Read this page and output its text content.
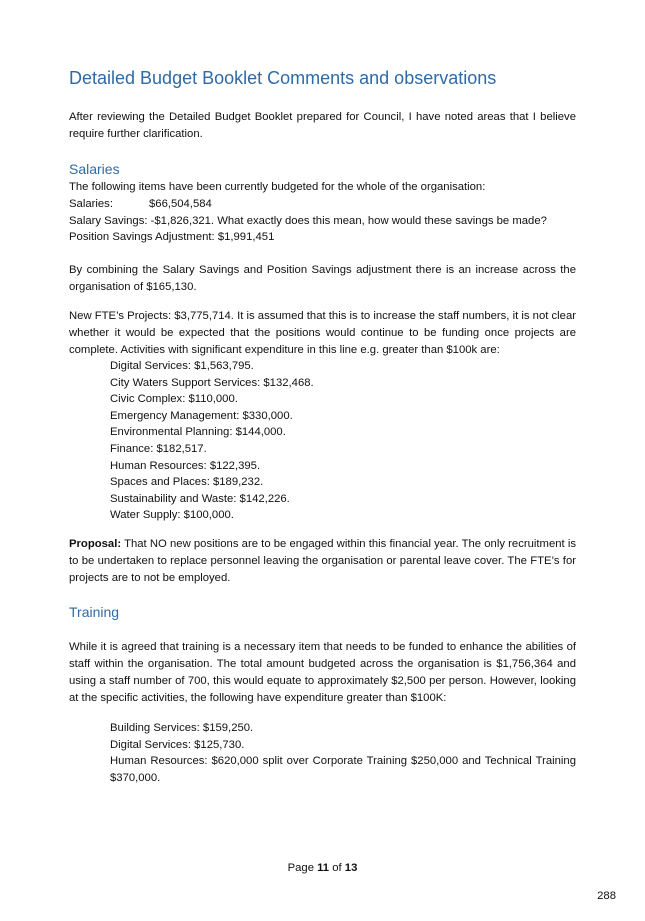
Detailed Budget Booklet Comments and observations
After reviewing the Detailed Budget Booklet prepared for Council, I have noted areas that I believe require further clarification.
Salaries
The following items have been currently budgeted for the whole of the organisation:
Salaries:	$66,504,584
Salary Savings: -$1,826,321. What exactly does this mean, how would these savings be made?
Position Savings Adjustment: $1,991,451
By combining the Salary Savings and Position Savings adjustment there is an increase across the organisation of $165,130.
New FTE’s Projects: $3,775,714. It is assumed that this is to increase the staff numbers, it is not clear whether it would be expected that the positions would continue to be funding once projects are complete. Activities with significant expenditure in this line e.g. greater than $100k are:
Digital Services: $1,563,795.
City Waters Support Services: $132,468.
Civic Complex: $110,000.
Emergency Management: $330,000.
Environmental Planning: $144,000.
Finance: $182,517.
Human Resources: $122,395.
Spaces and Places: $189,232.
Sustainability and Waste: $142,226.
Water Supply: $100,000.
Proposal: That NO new positions are to be engaged within this financial year. The only recruitment is to be undertaken to replace personnel leaving the organisation or parental leave cover. The FTE’s for projects are to not be employed.
Training
While it is agreed that training is a necessary item that needs to be funded to enhance the abilities of staff within the organisation. The total amount budgeted across the organisation is $1,756,364 and using a staff number of 700, this would equate to approximately $2,500 per person. However, looking at the specific activities, the following have expenditure greater than $100K:
Building Services: $159,250.
Digital Services: $125,730.
Human Resources: $620,000 split over Corporate Training $250,000 and Technical Training $370,000.
Page 11 of 13
288
